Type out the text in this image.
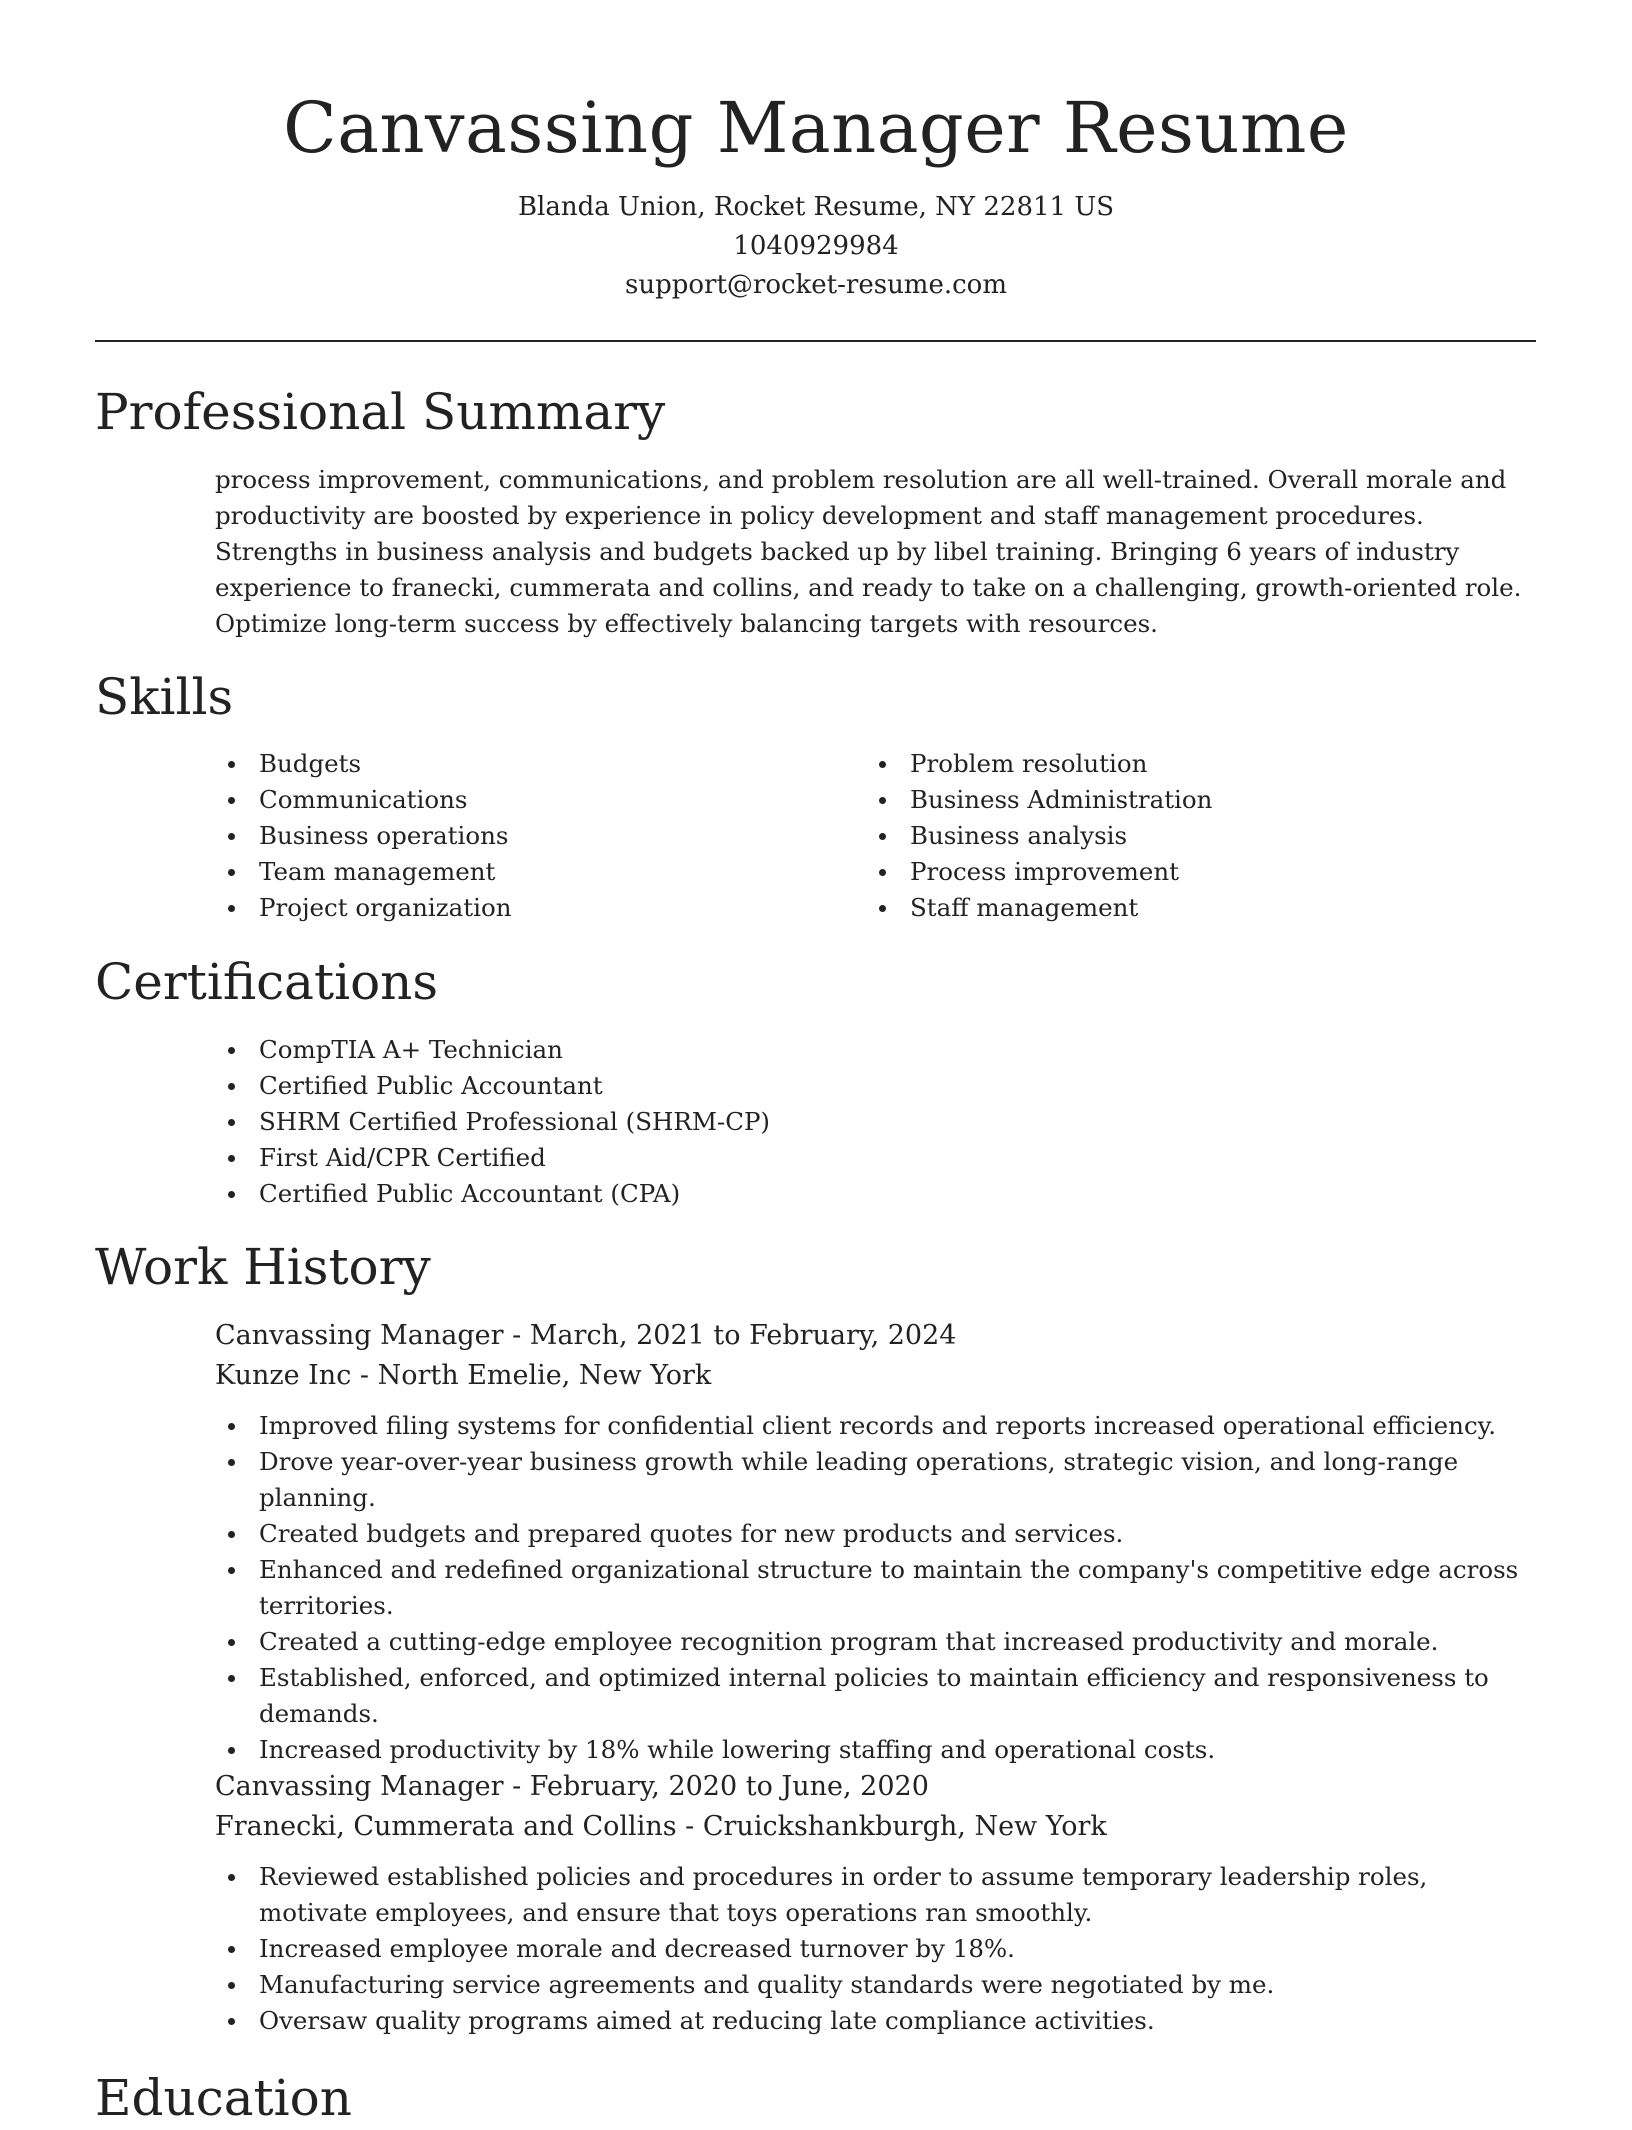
Canvassing Manager Resume
Blanda Union, Rocket Resume, NY 22811 US
1040929984
support@rocket-resume.com
Professional Summary

process improvement, communications, and problem resolution are all well-trained. Overall morale and productivity are boosted by experience in policy development and staff management procedures. Strengths in business analysis and budgets backed up by libel training. Bringing 6 years of industry experience to franecki, cummerata and collins, and ready to take on a challenging, growth-oriented role. Optimize long-term success by effectively balancing targets with resources.

Skills
Budgets
Communications
Business operations
Team management
Project organization
Problem resolution
Business Administration
Business analysis
Process improvement
Staff management
Certifications
CompTIA A+ Technician
Certified Public Accountant
SHRM Certified Professional (SHRM-CP)
First Aid/CPR Certified
Certified Public Accountant (CPA)
Work History
Canvassing Manager - March, 2021 to February, 2024
Kunze Inc - North Emelie, New York
Improved filing systems for confidential client records and reports increased operational efficiency.
Drove year-over-year business growth while leading operations, strategic vision, and long-range planning.
Created budgets and prepared quotes for new products and services.
Enhanced and redefined organizational structure to maintain the company's competitive edge across territories.
Created a cutting-edge employee recognition program that increased productivity and morale.
Established, enforced, and optimized internal policies to maintain efficiency and responsiveness to demands.
Increased productivity by 18% while lowering staffing and operational costs.
Canvassing Manager - February, 2020 to June, 2020
Franecki, Cummerata and Collins - Cruickshankburgh, New York
Reviewed established policies and procedures in order to assume temporary leadership roles, motivate employees, and ensure that toys operations ran smoothly.
Increased employee morale and decreased turnover by 18%.
Manufacturing service agreements and quality standards were negotiated by me.
Oversaw quality programs aimed at reducing late compliance activities.
Education
